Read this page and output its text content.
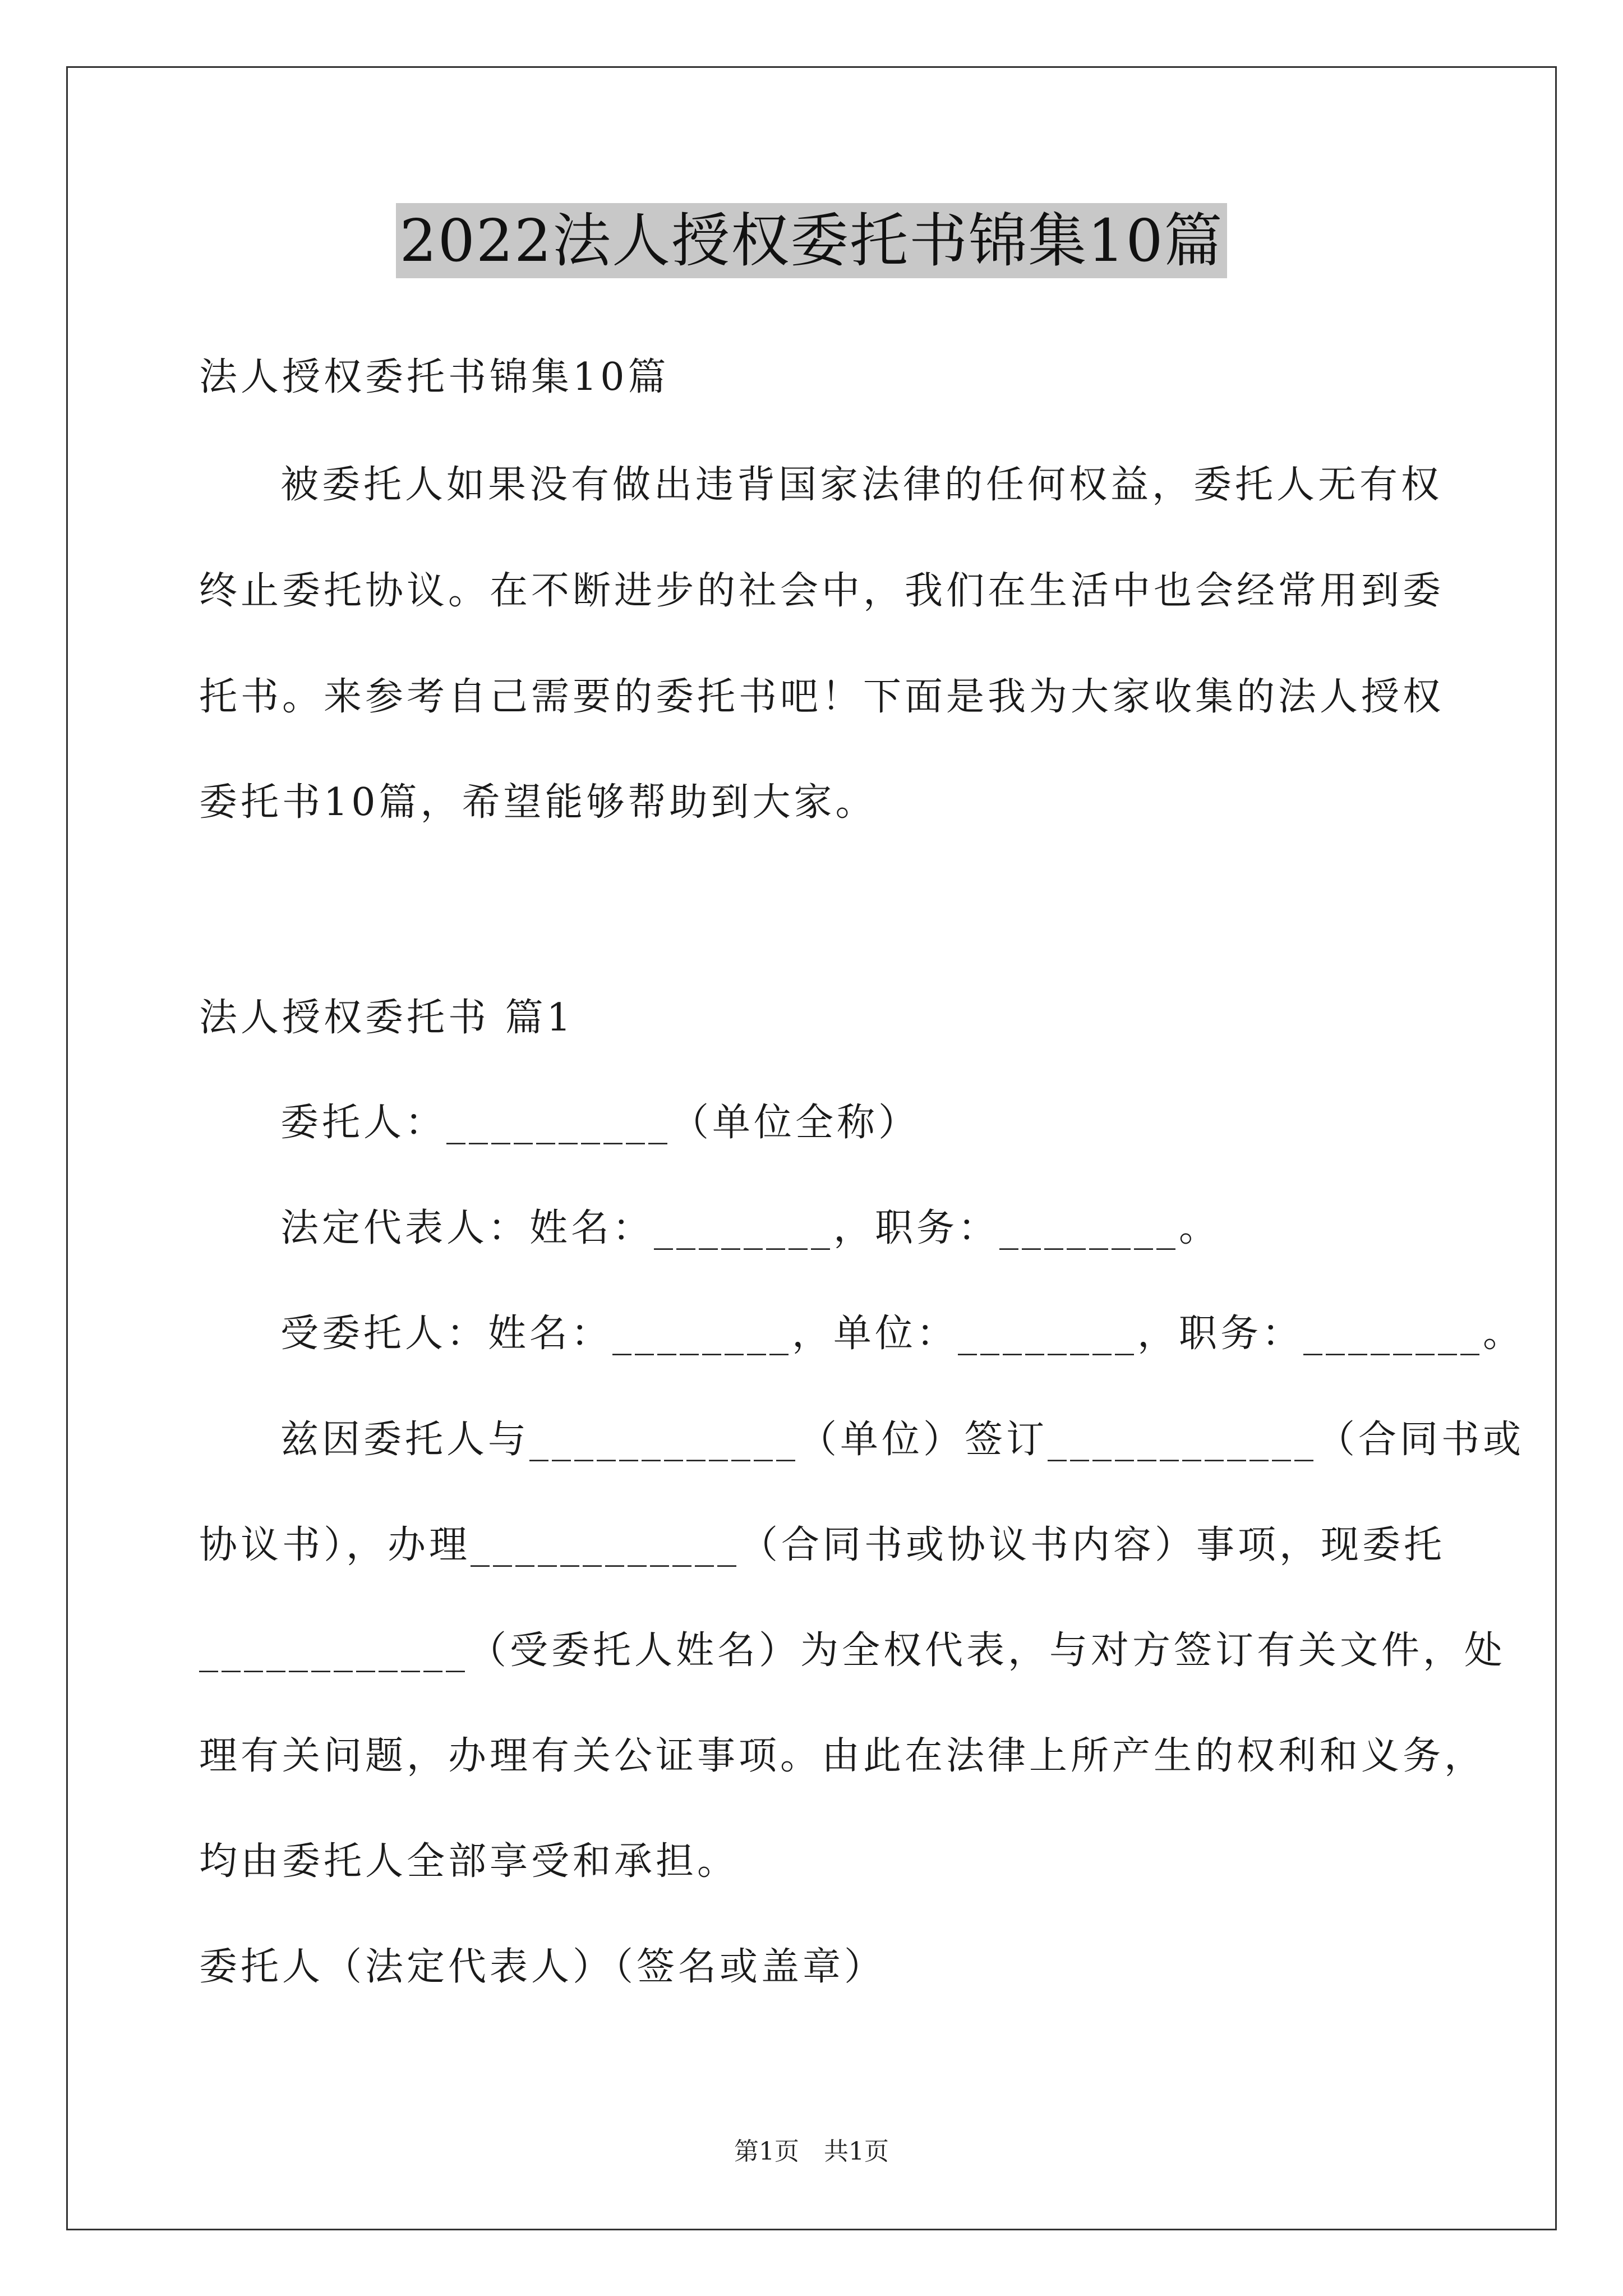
2022法人授权委托书锦集10篇
法人授权委托书锦集10篇
被委托人如果没有做出违背国家法律的任何权益，委托人无有权
终止委托协议。在不断进步的社会中，我们在生活中也会经常用到委
托书。来参考自己需要的委托书吧！下面是我为大家收集的法人授权
委托书10篇，希望能够帮助到大家。
法人授权委托书 篇1
委托人：__________（单位全称）
法定代表人：姓名：________，职务：________。
受委托人：姓名：________，单位：________，职务：________。
兹因委托人与____________（单位）签订____________（合同书或
协议书），办理____________（合同书或协议书内容）事项，现委托
____________（受委托人姓名）为全权代表，与对方签订有关文件，处
理有关问题，办理有关公证事项。由此在法律上所产生的权利和义务，
均由委托人全部享受和承担。
委托人（法定代表人）（签名或盖章）
第1页　共1页
